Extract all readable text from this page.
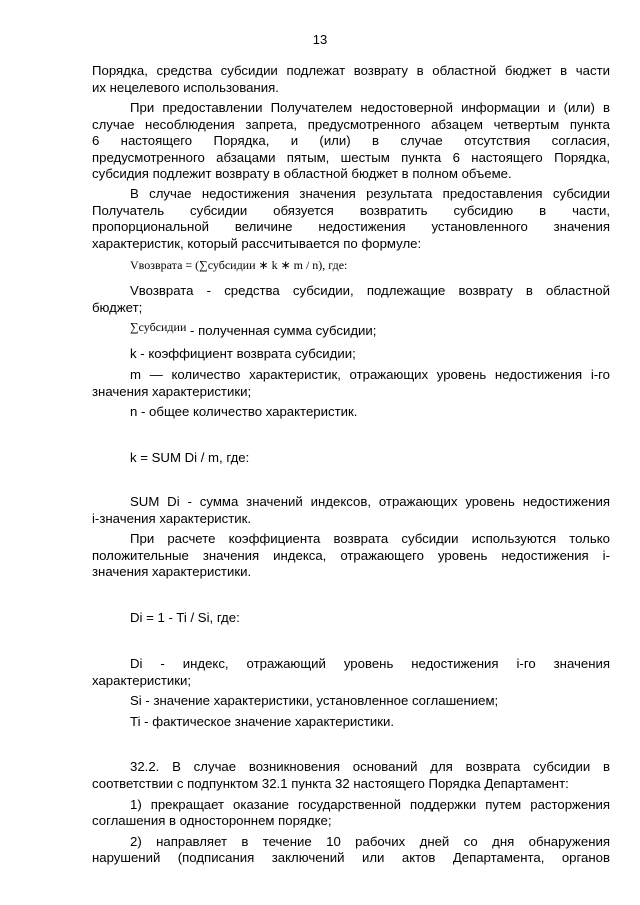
13
Порядка, средства субсидии подлежат возврату в областной бюджет в части
их нецелевого использования.
При предоставлении Получателем недостоверной информации и (или) в
случае несоблюдения запрета, предусмотренного абзацем четвертым пункта
6 настоящего Порядка, и (или) в случае отсутствия согласия,
предусмотренного абзацами пятым, шестым пункта 6 настоящего Порядка,
субсидия подлежит возврату в областной бюджет в полном объеме.
В случае недостижения значения результата предоставления субсидии
Получатель субсидии обязуется возвратить субсидию в части,
пропорциональной величине недостижения установленного значения
характеристик, который рассчитывается по формуле:
Vвозврата - средства субсидии, подлежащие возврату в областной
бюджет;
k - коэффициент возврата субсидии;
m — количество характеристик, отражающих уровень недостижения i-го
значения характеристики;
n - общее количество характеристик.
k = SUM Di / m, где:
SUM Di - сумма значений индексов, отражающих уровень недостижения
i-значения характеристик.
При расчете коэффициента возврата субсидии используются только
положительные значения индекса, отражающего уровень недостижения i-
значения характеристики.
Di = 1 - Ti / Si, где:
Di - индекс, отражающий уровень недостижения i-го значения
характеристики;
Si - значение характеристики, установленное соглашением;
Ti - фактическое значение характеристики.
32.2. В случае возникновения оснований для возврата субсидии в
соответствии с подпунктом 32.1 пункта 32 настоящего Порядка Департамент:
1) прекращает оказание государственной поддержки путем расторжения
соглашения в одностороннем порядке;
2) направляет в течение 10 рабочих дней со дня обнаружения
нарушений (подписания заключений или актов Департамента, органов
Vвозврата = (∑субсидии ∗ k ∗ m / n), где:
∑субсидии - полученная сумма субсидии;
